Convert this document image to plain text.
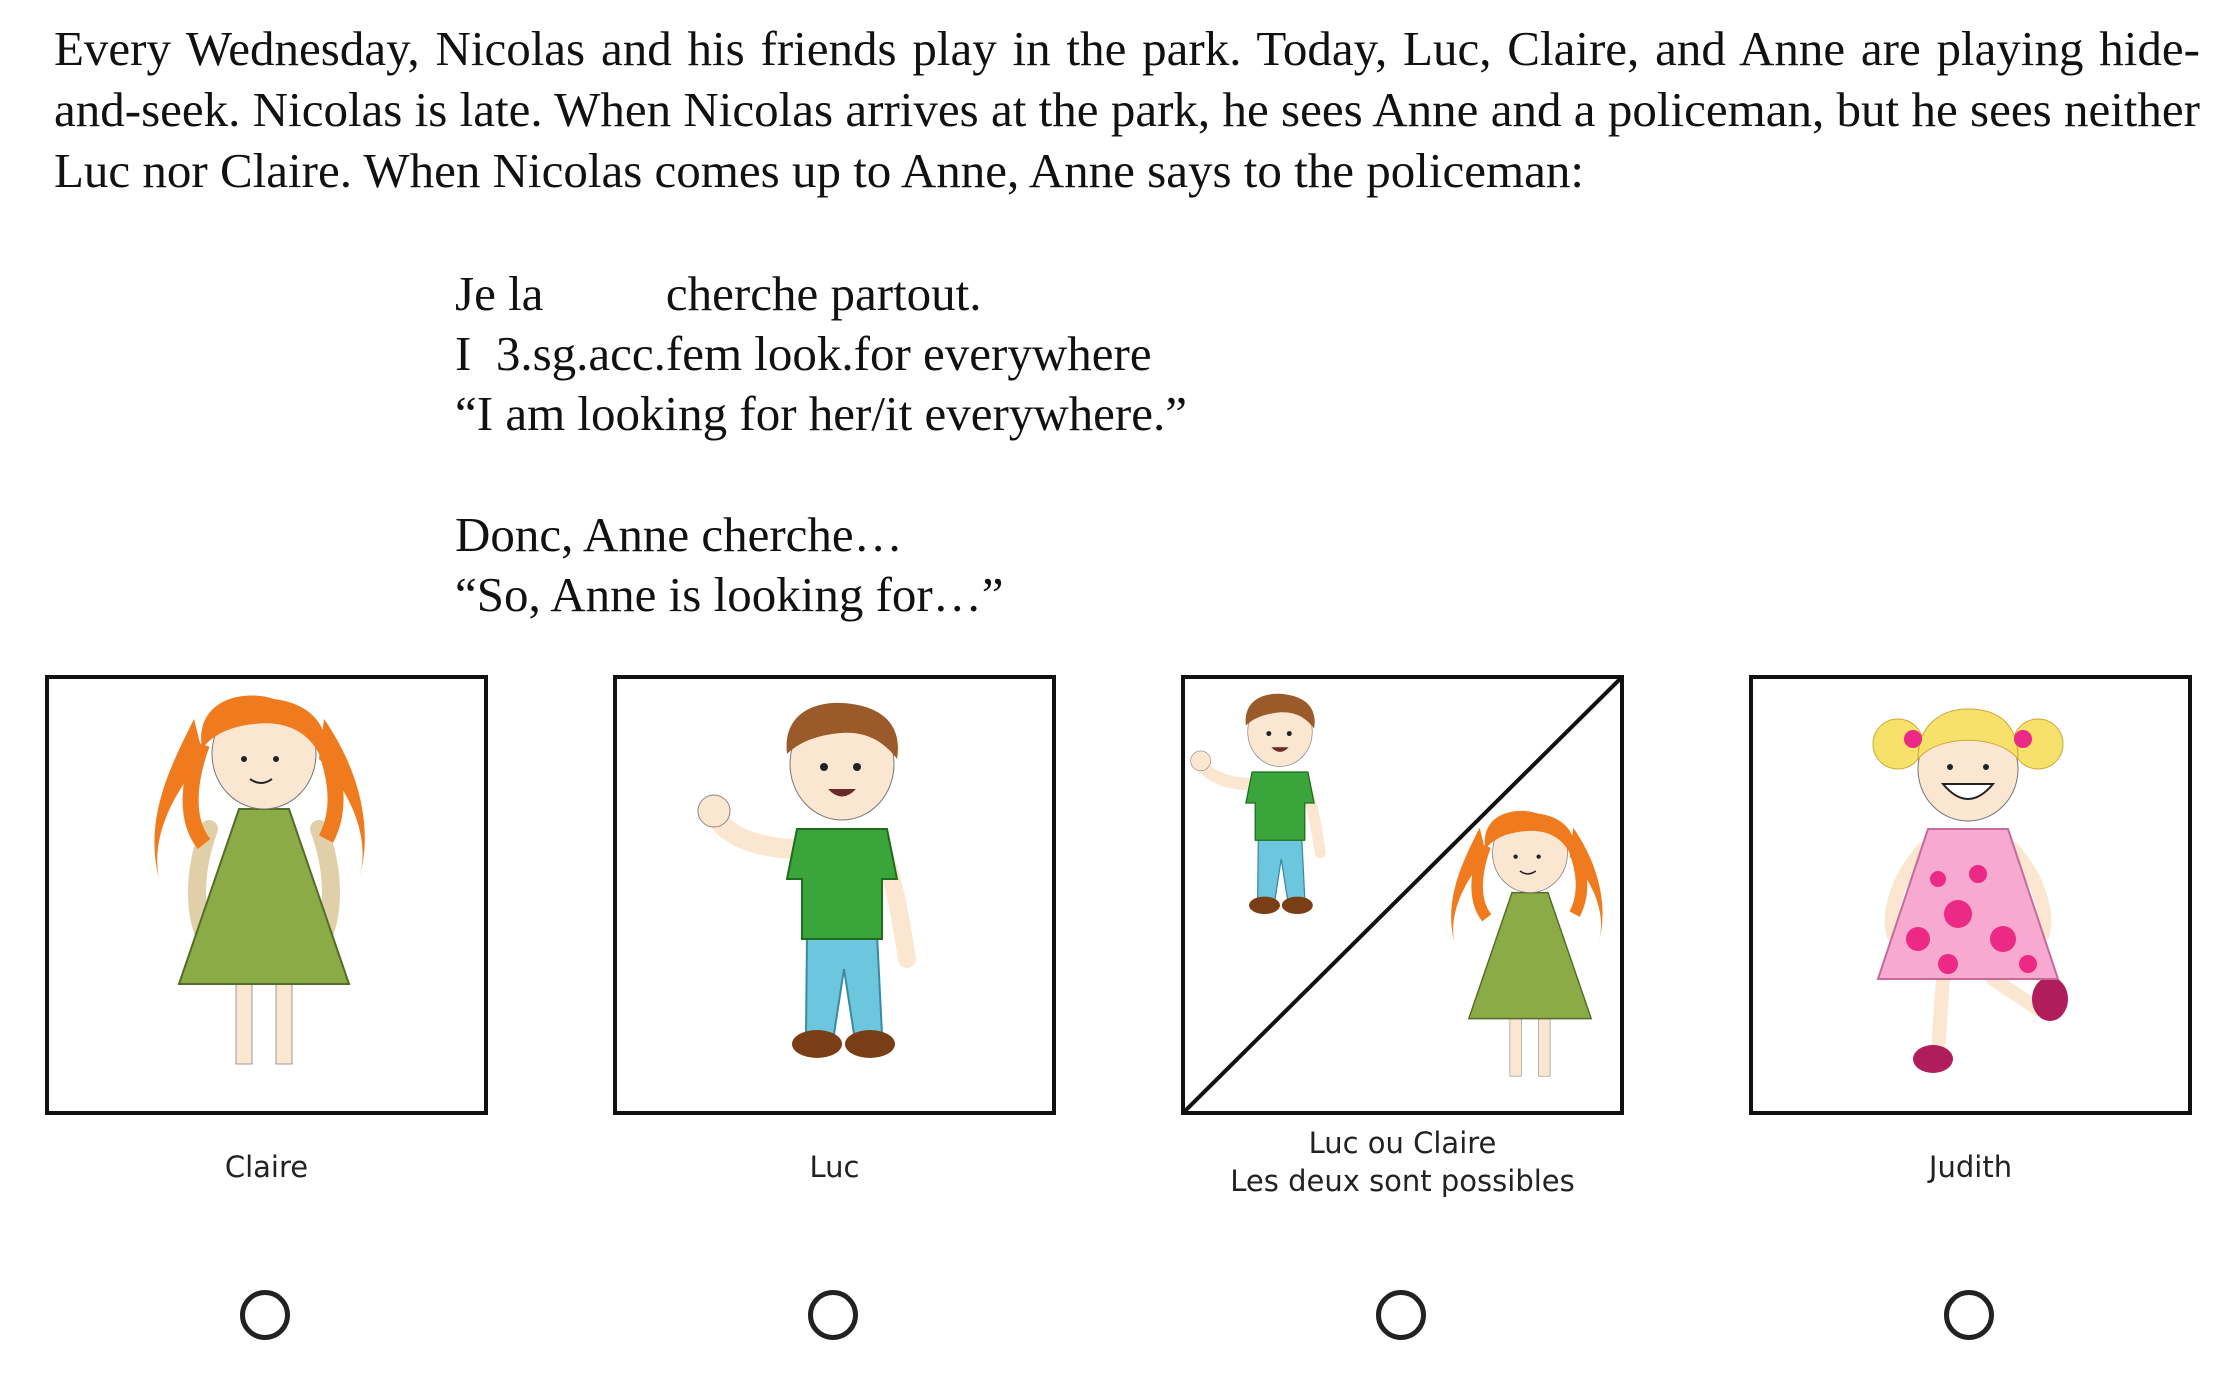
Every Wednesday, Nicolas and his friends play in the park. Today, Luc, Claire, and Anne are playing hide-and-seek. Nicolas is late. When Nicolas arrives at the park, he sees Anne and a policeman, but he sees neither Luc nor Claire. When Nicolas comes up to Anne, Anne says to the policeman:
Je la          cherche partout.
I  3.sg.acc.fem look.for everywhere
“I am looking for her/it everywhere.”
Donc, Anne cherche…
“So, Anne is looking for…”
Claire	Luc
Luc ou Claire
Les deux sont possibles	Judith
